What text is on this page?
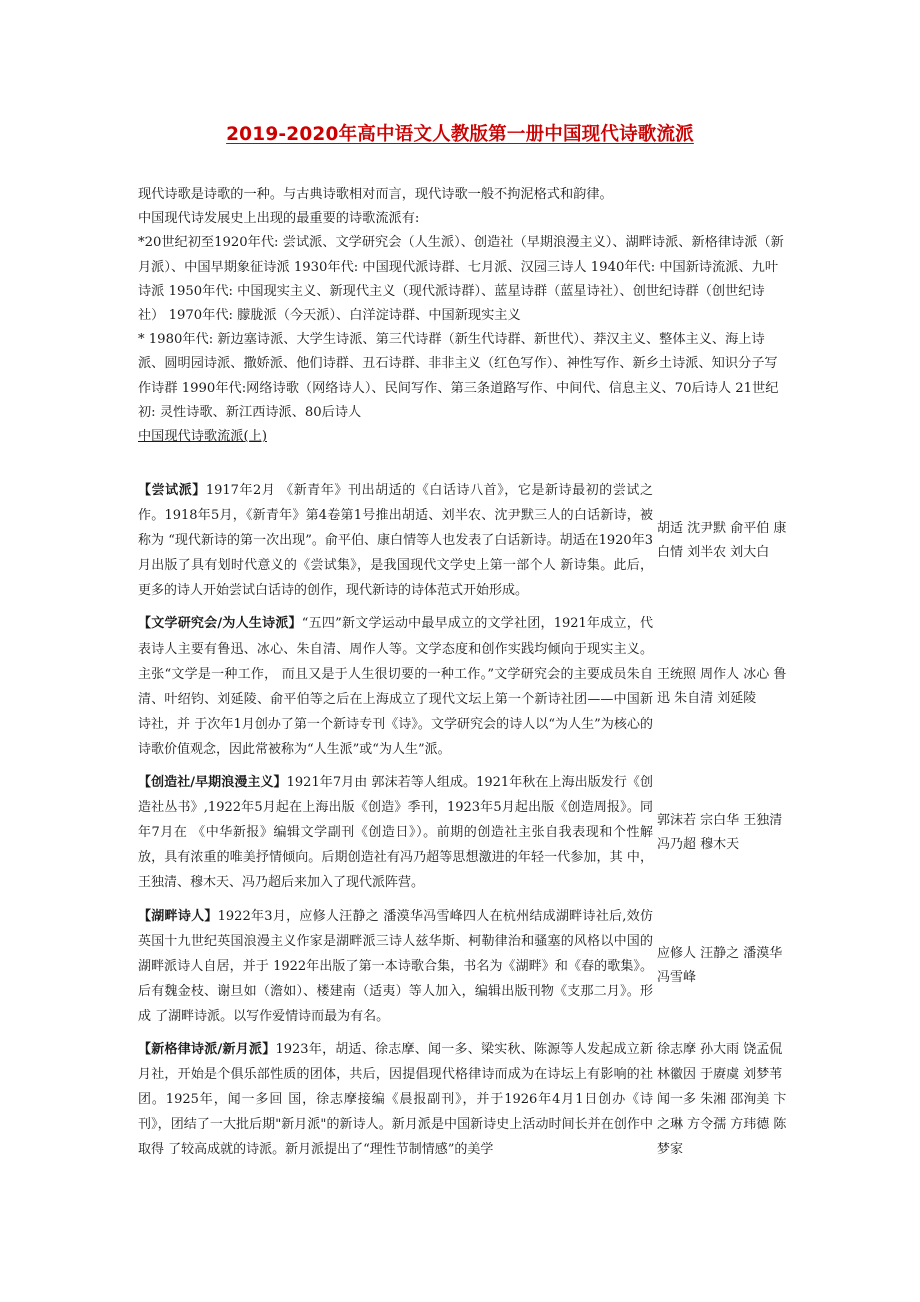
2019-2020年高中语文人教版第一册中国现代诗歌流派

现代诗歌是诗歌的一种。与古典诗歌相对而言，现代诗歌一般不拘泥格式和韵律。

中国现代诗发展史上出现的最重要的诗歌流派有:

*20世纪初至1920年代: 尝试派、文学研究会（人生派）、创造社（早期浪漫主义）、湖畔诗派、新格律诗派（新月派）、中国早期象征诗派 1930年代: 中国现代派诗群、七月派、汉园三诗人 1940年代: 中国新诗流派、九叶诗派 1950年代: 中国现实主义、新现代主义（现代派诗群）、蓝星诗群（蓝星诗社）、创世纪诗群（创世纪诗社） 1970年代: 朦胧派（今天派）、白洋淀诗群、中国新现实主义

* 1980年代: 新边塞诗派、大学生诗派、第三代诗群（新生代诗群、新世代）、莽汉主义、整体主义、海上诗派、圆明园诗派、撒娇派、他们诗群、丑石诗群、非非主义（红色写作）、神性写作、新乡土诗派、知识分子写作诗群 1990年代:网络诗歌（网络诗人）、民间写作、第三条道路写作、中间代、信息主义、70后诗人 21世纪初: 灵性诗歌、新江西诗派、80后诗人

中国现代诗歌流派(上)
【尝试派】1917年2月 《新青年》刊出胡适的《白话诗八首》，它是新诗最初的尝试之作。1918年5月，《新青年》第4卷第1号推出胡适、刘半农、沈尹默三人的白话新诗，被称为 “现代新诗的第一次出现”。俞平伯、康白情等人也发表了白话新诗。胡适在1920年3月出版了具有划时代意义的《尝试集》，是我国现代文学史上第一部个人 新诗集。此后，更多的诗人开始尝试白话诗的创作，现代新诗的诗体范式开始形成。
胡适 沈尹默 俞平伯 康白情 刘半农 刘大白
【文学研究会/为人生诗派】“五四”新文学运动中最早成立的文学社团，1921年成立，代表诗人主要有鲁迅、冰心、朱自清、周作人等。文学态度和创作实践均倾向于现实主义。主张“文学是一种工作， 而且又是于人生很切要的一种工作。”文学研究会的主要成员朱自清、叶绍钧、刘延陵、俞平伯等之后在上海成立了现代文坛上第一个新诗社团——中国新诗社，并 于次年1月创办了第一个新诗专刊《诗》。文学研究会的诗人以“为人生”为核心的诗歌价值观念，因此常被称为“人生派”或“为人生”派。
王统照 周作人 冰心 鲁迅 朱自清 刘延陵
【创造社/早期浪漫主义】1921年7月由 郭沫若等人组成。1921年秋在上海出版发行《创造社丛书》,1922年5月起在上海出版《创造》季刊，1923年5月起出版《创造周报》。同年7月在 《中华新报》编辑文学副刊《创造日》）。前期的创造社主张自我表现和个性解放，具有浓重的唯美抒情倾向。后期创造社有冯乃超等思想激进的年轻一代参加，其 中，王独清、穆木天、冯乃超后来加入了现代派阵营。
郭沫若 宗白华 王独清 冯乃超 穆木天
【湖畔诗人】1922年3月，应修人汪静之 潘漠华冯雪峰四人在杭州结成湖畔诗社后,效仿英国十九世纪英国浪漫主义作家是湖畔派三诗人兹华斯、柯勒律治和骚塞的风格以中国的湖畔派诗人自居，并于 1922年出版了第一本诗歌合集，书名为《湖畔》和《春的歌集》。后有魏金枝、谢旦如（澹如）、楼建南（适夷）等人加入，编辑出版刊物《支那二月》。形成 了湖畔诗派。以写作爱情诗而最为有名。
应修人 汪静之 潘漠华 冯雪峰
【新格律诗派/新月派】1923年，胡适、徐志摩、闻一多、梁实秋、陈源等人发起成立新月社，开始是个俱乐部性质的团体，共后，因提倡现代格律诗而成为在诗坛上有影响的社团。1925年，闻一多回 国，徐志摩接编《晨报副刊》，并于1926年4月1日创办《诗刊》，团结了一大批后期"新月派"的新诗人。新月派是中国新诗史上活动时间长并在创作中取得 了较高成就的诗派。新月派提出了“理性节制情感”的美学
徐志摩 孙大雨 饶孟侃 林徽因 于赓虞 刘梦苇 闻一多 朱湘 邵洵美 卞之琳 方令孺 方玮德 陈梦家
